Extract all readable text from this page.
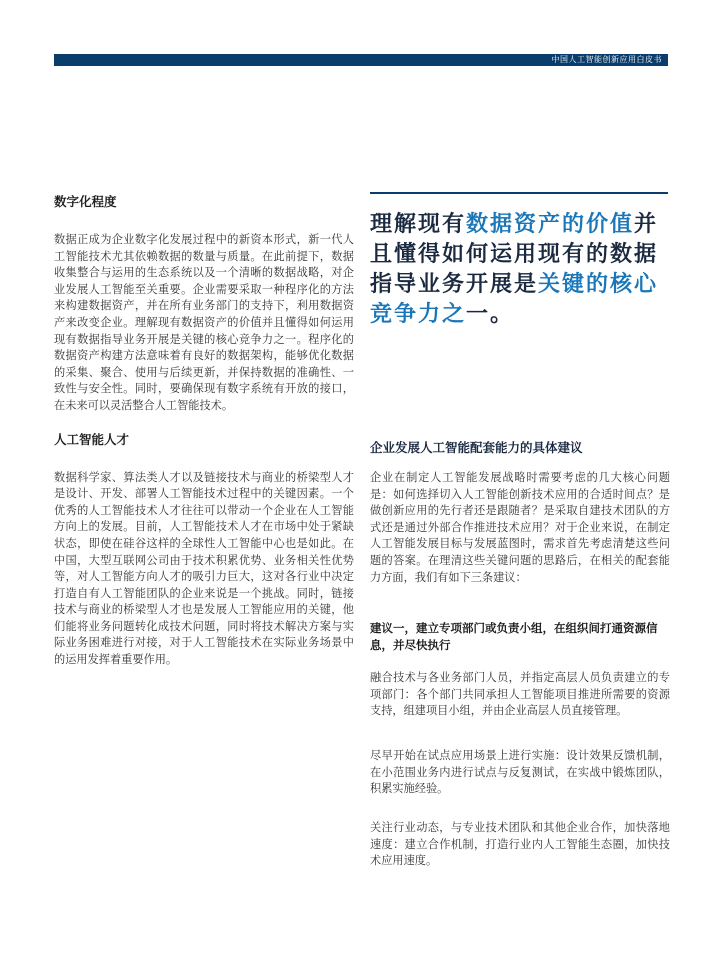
中国人工智能创新应用白皮书
数字化程度

数据正成为企业数字化发展过程中的新资本形式，新一代人工智能技术尤其依赖数据的数量与质量。在此前提下，数据收集整合与运用的生态系统以及一个清晰的数据战略，对企业发展人工智能至关重要。企业需要采取一种程序化的方法来构建数据资产，并在所有业务部门的支持下，利用数据资产来改变企业。理解现有数据资产的价值并且懂得如何运用现有数据指导业务开展是关键的核心竞争力之一。程序化的数据资产构建方法意味着有良好的数据架构，能够优化数据的采集、聚合、使用与后续更新，并保持数据的准确性、一致性与安全性。同时，要确保现有数字系统有开放的接口，在未来可以灵活整合人工智能技术。

人工智能人才

数据科学家、算法类人才以及链接技术与商业的桥梁型人才是设计、开发、部署人工智能技术过程中的关键因素。一个优秀的人工智能技术人才往往可以带动一个企业在人工智能方向上的发展。目前，人工智能技术人才在市场中处于紧缺状态，即使在硅谷这样的全球性人工智能中心也是如此。在中国，大型互联网公司由于技术积累优势、业务相关性优势等，对人工智能方向人才的吸引力巨大，这对各行业中决定打造自有人工智能团队的企业来说是一个挑战。同时，链接技术与商业的桥梁型人才也是发展人工智能应用的关键，他们能将业务问题转化成技术问题，同时将技术解决方案与实际业务困难进行对接，对于人工智能技术在实际业务场景中的运用发挥着重要作用。

理解现有数据资产的价值并且懂得如何运用现有的数据指导业务开展是关键的核心竞争力之一。

企业发展人工智能配套能力的具体建议

企业在制定人工智能发展战略时需要考虑的几大核心问题是：如何选择切入人工智能创新技术应用的合适时间点？是做创新应用的先行者还是跟随者？是采取自建技术团队的方式还是通过外部合作推进技术应用？对于企业来说，在制定人工智能发展目标与发展蓝图时，需求首先考虑清楚这些问题的答案。在理清这些关键问题的思路后，在相关的配套能力方面，我们有如下三条建议：

建议一，建立专项部门或负责小组，在组织间打通资源信息，并尽快执行

融合技术与各业务部门人员，并指定高层人员负责建立的专项部门：各个部门共同承担人工智能项目推进所需要的资源支持，组建项目小组，并由企业高层人员直接管理。

尽早开始在试点应用场景上进行实施：设计效果反馈机制，在小范围业务内进行试点与反复测试，在实战中锻炼团队，积累实施经验。

关注行业动态，与专业技术团队和其他企业合作，加快落地速度：建立合作机制，打造行业内人工智能生态圈，加快技术应用速度。
